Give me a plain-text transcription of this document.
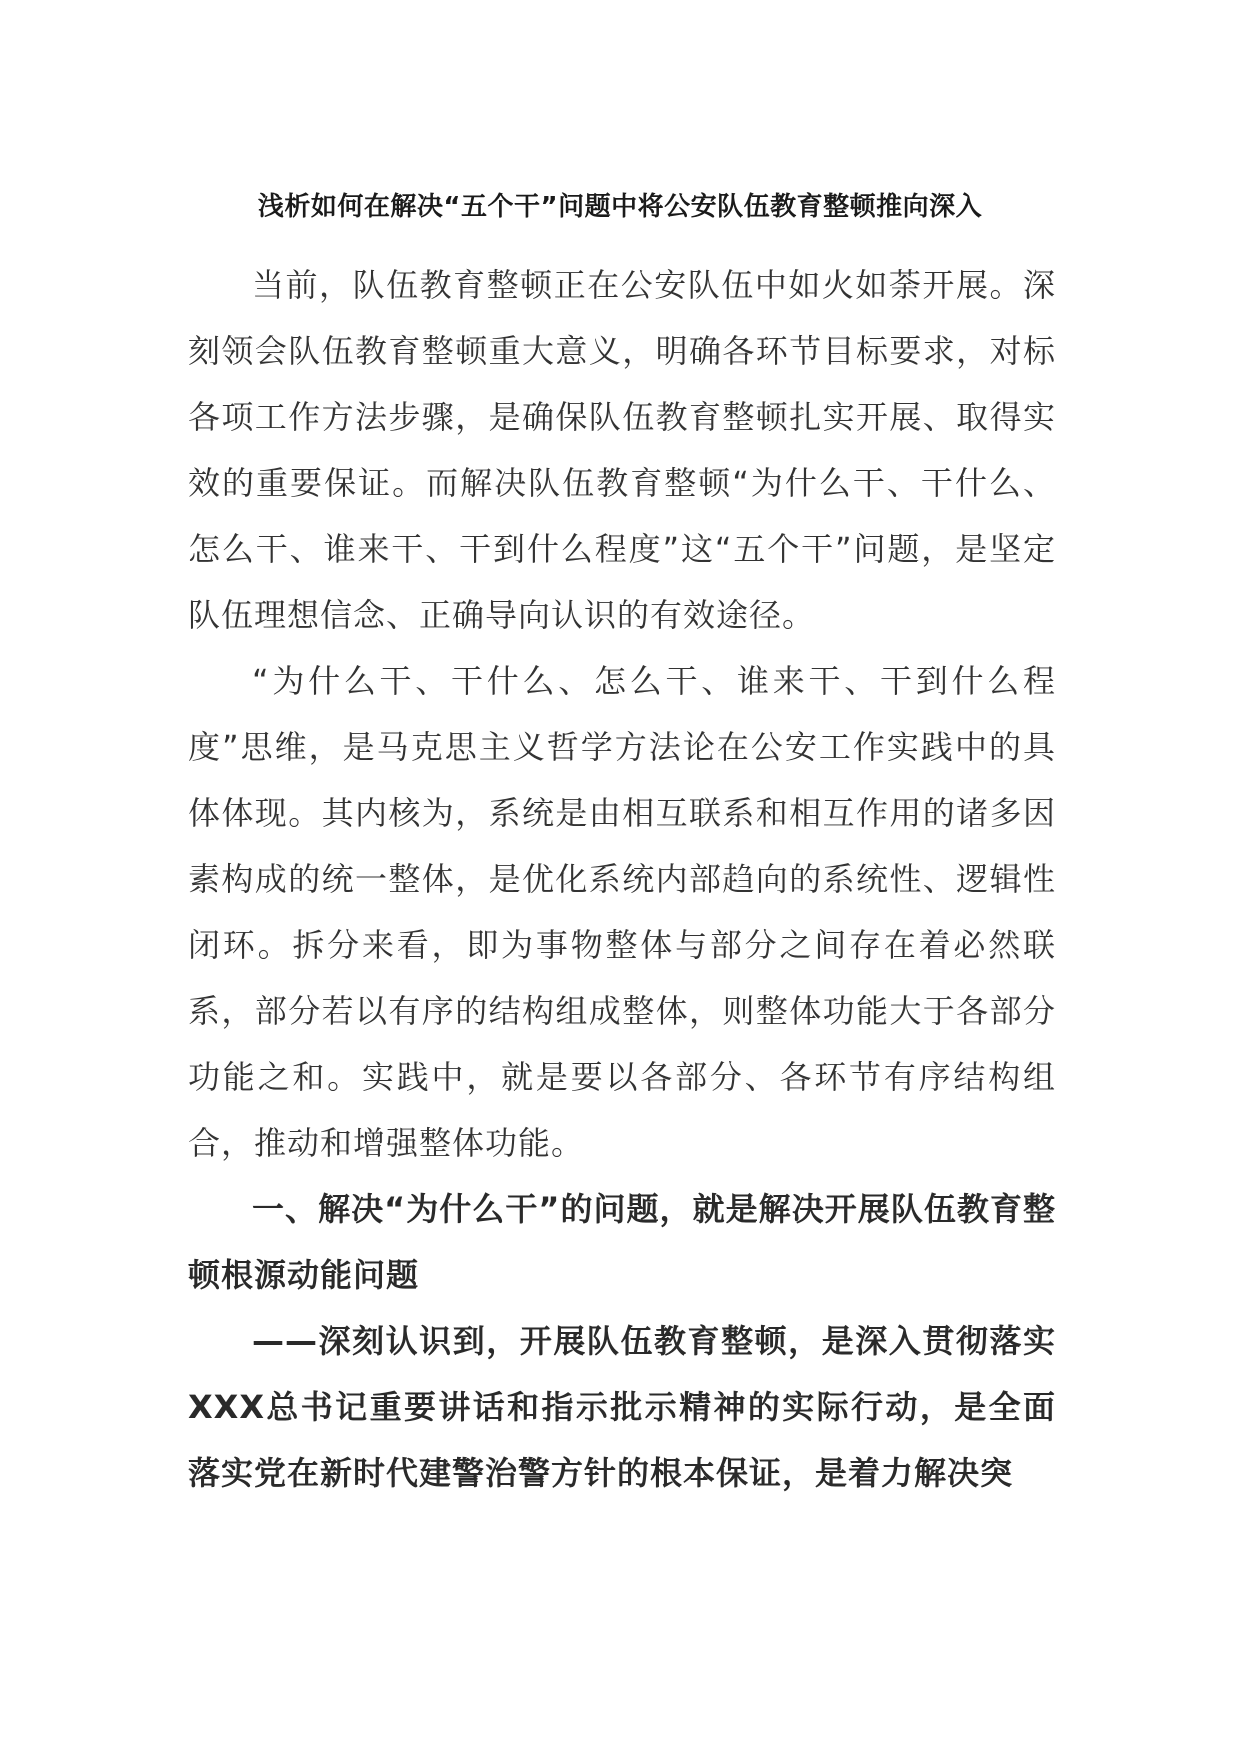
浅析如何在解决“五个干”问题中将公安队伍教育整顿推向深入

当前，队伍教育整顿正在公安队伍中如火如荼开展。深刻领会队伍教育整顿重大意义，明确各环节目标要求，对标各项工作方法步骤，是确保队伍教育整顿扎实开展、取得实效的重要保证。而解决队伍教育整顿“为什么干、干什么、怎么干、谁来干、干到什么程度”这“五个干”问题，是坚定队伍理想信念、正确导向认识的有效途径。

“为什么干、干什么、怎么干、谁来干、干到什么程度”思维，是马克思主义哲学方法论在公安工作实践中的具体体现。其内核为，系统是由相互联系和相互作用的诸多因素构成的统一整体，是优化系统内部趋向的系统性、逻辑性闭环。拆分来看，即为事物整体与部分之间存在着必然联系，部分若以有序的结构组成整体，则整体功能大于各部分功能之和。实践中，就是要以各部分、各环节有序结构组合，推动和增强整体功能。

一、解决“为什么干”的问题，就是解决开展队伍教育整顿根源动能问题

——深刻认识到，开展队伍教育整顿，是深入贯彻落实XXX总书记重要讲话和指示批示精神的实际行动，是全面落实党在新时代建警治警方针的根本保证，是着力解决突
